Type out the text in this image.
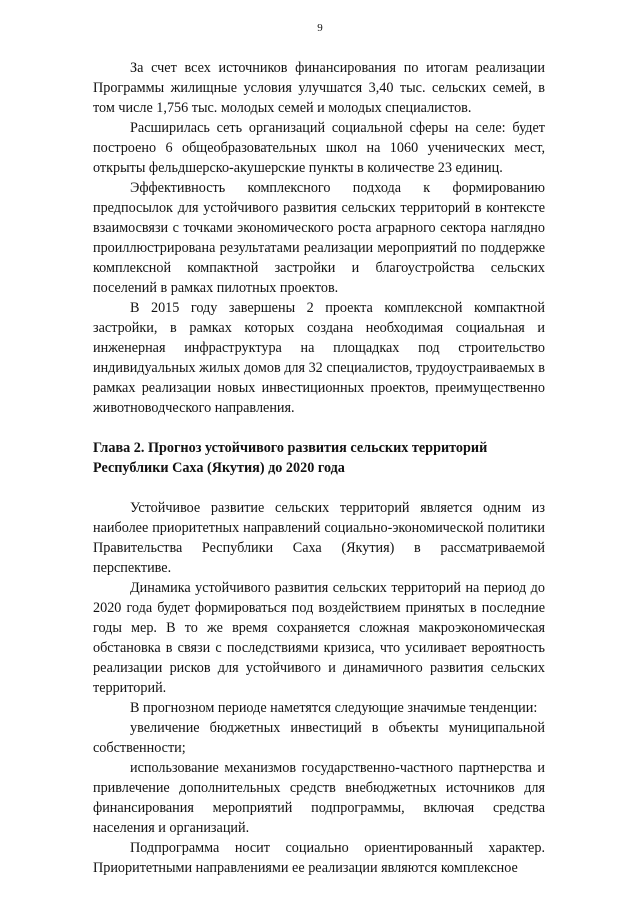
9

За счет всех источников финансирования по итогам реализации Программы жилищные условия улучшатся 3,40 тыс. сельских семей, в том числе 1,756 тыс. молодых семей и молодых специалистов.

Расширилась сеть организаций социальной сферы на селе: будет построено 6 общеобразовательных школ на 1060 ученических мест, открыты фельдшерско-акушерские пункты в количестве 23 единиц.

Эффективность комплексного подхода к формированию предпосылок для устойчивого развития сельских территорий в контексте взаимосвязи с точками экономического роста аграрного сектора наглядно проиллюстрирована результатами реализации мероприятий по поддержке комплексной компактной застройки и благоустройства сельских поселений в рамках пилотных проектов.

В 2015 году завершены 2 проекта комплексной компактной застройки, в рамках которых создана необходимая социальная и инженерная инфраструктура на площадках под строительство индивидуальных жилых домов для 32 специалистов, трудоустраиваемых в рамках реализации новых инвестиционных проектов, преимущественно животноводческого направления.

Глава 2. Прогноз устойчивого развития сельских территорий
Республики Саха (Якутия) до 2020 года

Устойчивое развитие сельских территорий является одним из наиболее приоритетных направлений социально-экономической политики Правительства Республики Саха (Якутия) в рассматриваемой перспективе.

Динамика устойчивого развития сельских территорий на период до 2020 года будет формироваться под воздействием принятых в последние годы мер. В то же время сохраняется сложная макроэкономическая обстановка в связи с последствиями кризиса, что усиливает вероятность реализации рисков для устойчивого и динамичного развития сельских территорий.

В прогнозном периоде наметятся следующие значимые тенденции:

увеличение бюджетных инвестиций в объекты муниципальной собственности;

использование механизмов государственно-частного партнерства и привлечение дополнительных средств внебюджетных источников для финансирования мероприятий подпрограммы, включая средства населения и организаций.

Подпрограмма носит социально ориентированный характер. Приоритетными направлениями ее реализации являются комплексное
